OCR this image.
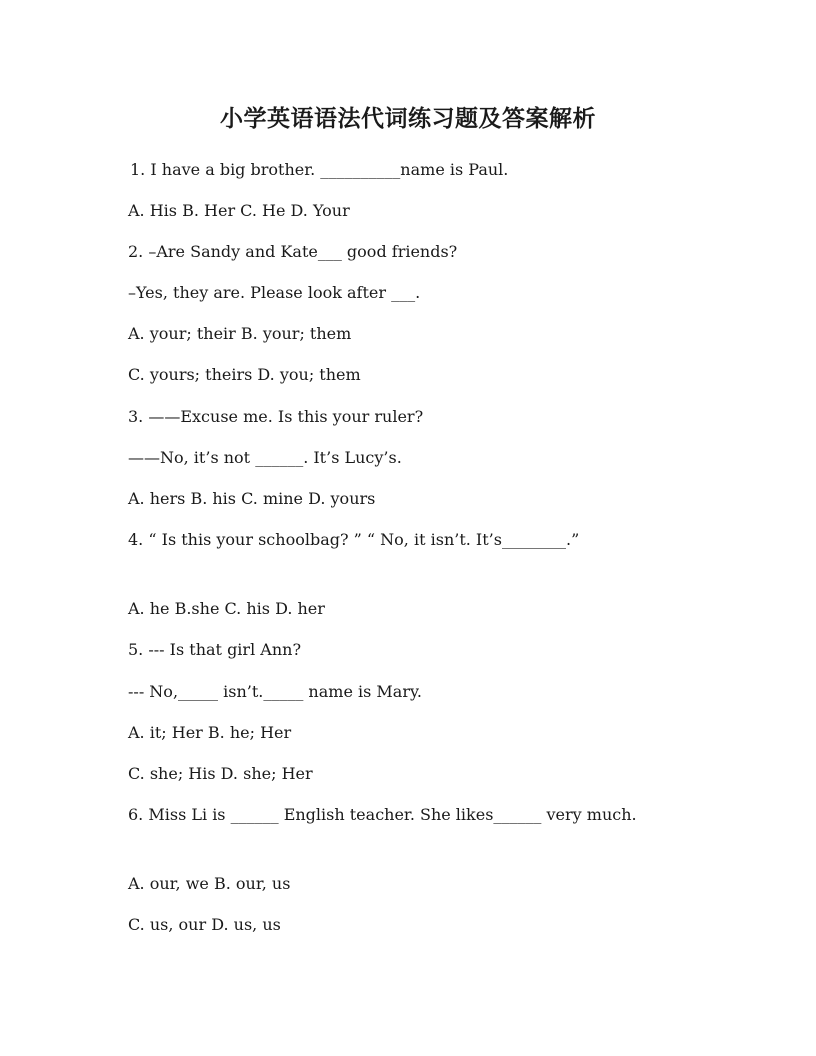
小学英语语法代词练习题及答案解析
1. I have a big brother. __________name is Paul.
A. His B. Her C. He D. Your
2. –Are Sandy and Kate___ good friends?
–Yes, they are. Please look after ___.
A. your; their B. your; them
C. yours; theirs D. you; them
3. ——Excuse me. Is this your ruler?
——No, it’s not ______. It’s Lucy’s.
A. hers B. his C. mine D. yours
4. “ Is this your schoolbag? ” “ No, it isn’t. It’s________.”
A. he B.she C. his D. her
5. --- Is that girl Ann?
--- No,_____ isn’t._____ name is Mary.
A. it; Her B. he; Her
C. she; His D. she; Her
6. Miss Li is ______ English teacher. She likes______ very much.
A. our, we B. our, us
C. us, our D. us, us
